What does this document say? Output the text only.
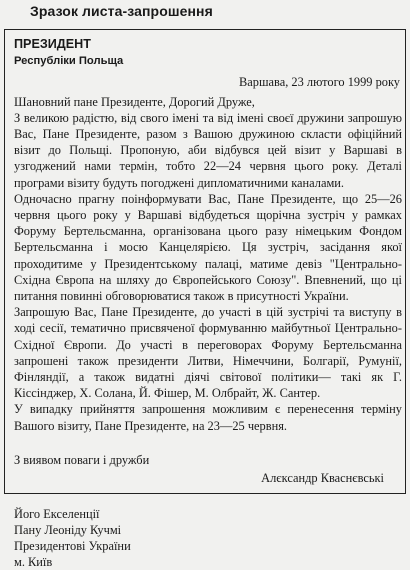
Зразок листа-запрошення
ПРЕЗИДЕНТ
Республіки Польща
Варшава, 23 лютого 1999 року
Шановний пане Президенте, Дорогий Друже,

З великою радістю, від свого імені та від імені своєї дружини запрошую Вас, Пане Президенте, разом з Вашою дружиною скласти офіційний візит до Польщі. Пропоную, аби відбувся цей візит у Варшаві в узгоджений нами термін, тобто 22—24 червня цього року. Деталі програми візиту будуть погоджені дипломатичними каналами.

Одночасно прагну поінформувати Вас, Пане Президенте, що 25—26 червня цього року у Варшаві відбудеться щорічна зустріч у рамках Форуму Бертельсманна, організована цього разу німецьким Фондом Бертельсманна і мосю Канцелярією. Ця зустріч, засідання якої проходитиме у Президентському палаці, матиме девіз "Центрально-Східна Європа на шляху до Європейського Союзу". Впевнений, що ці питання повинні обговорюватися також в присутності України.

Запрошую Вас, Пане Президенте, до участі в цій зустрічі та виступу в ході сесії, тематично присвяченої формуванню майбутньої Центрально-Східної Європи. До участі в переговорах Форуму Бертельсманна запрошені також президенти Литви, Німеччини, Болгарії, Румунії, Фінляндії, а також видатні діячі світової політики— такі як Г. Кіссінджер, Х. Солана, Й. Фішер, М. Олбрайт, Ж. Сантер.

У випадку прийняття запрошення можливим є перенесення терміну Вашого візиту, Пане Президенте, на 23—25 червня.

З виявом поваги і дружби
Алєксандр Кваснєвські
Його Екселенції
Пану Леоніду Кучмі
Президентові України
м. Київ
